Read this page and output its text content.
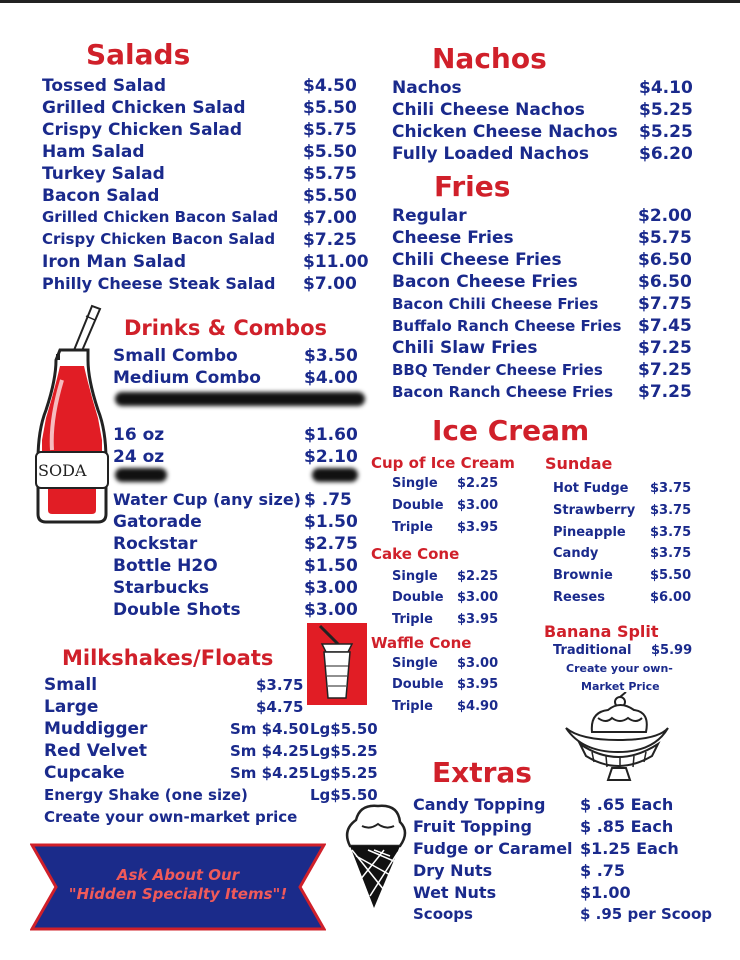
Salads
Tossed Salad	$4.50
Grilled Chicken Salad	$5.50
Crispy Chicken Salad	$5.75
Ham Salad	$5.50
Turkey Salad	$5.75
Bacon Salad	$5.50
Grilled Chicken Bacon Salad $7.00
Crispy Chicken Bacon Salad $7.25
Iron Man Salad	$11.00
Philly Cheese Steak Salad $7.00
Nachos
Nachos	$4.10
Chili Cheese Nachos	$5.25
Chicken Cheese Nachos $5.25
Fully Loaded Nachos	$6.20
Fries
Regular	$2.00
Cheese Fries	$5.75
Chili Cheese Fries	$6.50
Bacon Cheese Fries	$6.50
Bacon Chili Cheese Fries $7.75
Buffalo Ranch Cheese Fries $7.45
Chili Slaw Fries	$7.25
BBQ Tender Cheese Fries $7.25
Bacon Ranch Cheese Fries $7.25
SODA
Drinks & Combos
Small Combo	$3.50
Medium Combo	$4.00
16 oz	$1.60
24 oz	$2.10
Water Cup (any size) $ .75
Gatorade	$1.50
Rockstar	$2.75
Bottle H2O	$1.50
Starbucks	$3.00
Double Shots	$3.00
Milkshakes/Floats
Small	$3.75
Large	$4.75
Muddigger	Sm $4.50 Lg$5.50
Red Velvet	Sm $4.25 Lg$5.25
Cupcake	Sm $4.25 Lg$5.25
Energy Shake (one size)	Lg$5.50
Create your own-market price
Ask About Our
"Hidden Specialty Items"!
Ice Cream
Cup of Ice Cream
Single $2.25
Double $3.00
Triple $3.95
Cake Cone
Single $2.25
Double $3.00
Triple $3.95
Waffle Cone
Single $3.00
Double $3.95
Triple $4.90
Sundae
Hot Fudge $3.75
Strawberry $3.75
Pineapple $3.75
Candy	$3.75
Brownie	$5.50
Reeses	$6.00
Banana Split
Traditional $5.99
Create your own-
Market Price
Extras
Candy Topping $ .65 Each
Fruit Topping	$ .85 Each
Fudge or Caramel $1.25 Each
Dry Nuts	$ .75
Wet Nuts	$1.00
Scoops	$ .95 per Scoop
